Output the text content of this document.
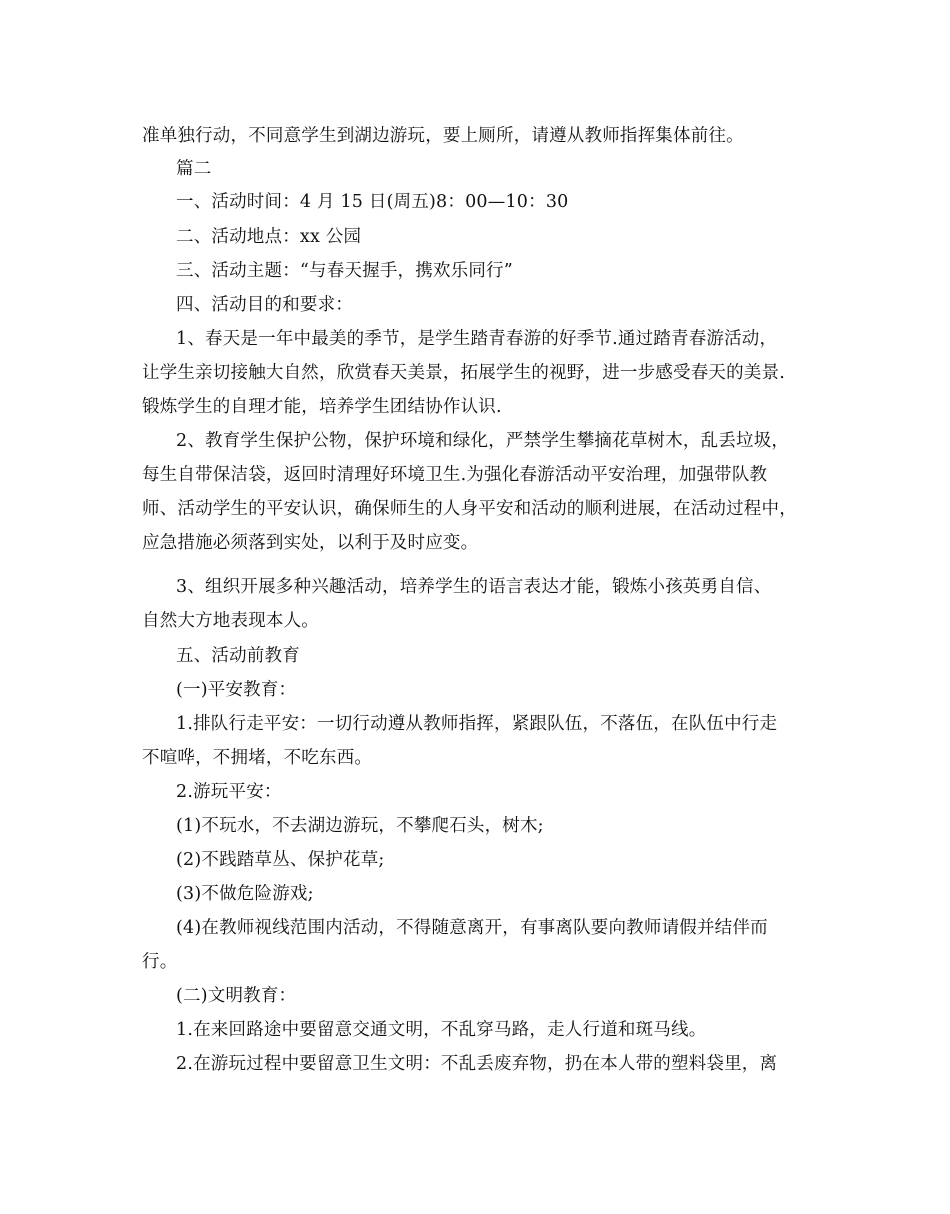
准单独行动，不同意学生到湖边游玩，要上厕所，请遵从教师指挥集体前往。
篇二
一、活动时间：4 月 15 日(周五)8：00—10：30
二、活动地点：xx 公园
三、活动主题：“与春天握手，携欢乐同行”
四、活动目的和要求：
1、春天是一年中最美的季节，是学生踏青春游的好季节.通过踏青春游活动，
让学生亲切接触大自然，欣赏春天美景，拓展学生的视野，进一步感受春天的美景.
锻炼学生的自理才能，培养学生团结协作认识.
2、教育学生保护公物，保护环境和绿化，严禁学生攀摘花草树木，乱丢垃圾，
每生自带保洁袋，返回时清理好环境卫生.为强化春游活动平安治理，加强带队教
师、活动学生的平安认识，确保师生的人身平安和活动的顺利进展，在活动过程中，
应急措施必须落到实处，以利于及时应变。
3、组织开展多种兴趣活动，培养学生的语言表达才能，锻炼小孩英勇自信、
自然大方地表现本人。
五、活动前教育
(一)平安教育：
1.排队行走平安：一切行动遵从教师指挥，紧跟队伍，不落伍，在队伍中行走
不喧哗，不拥堵，不吃东西。
2.游玩平安：
(1)不玩水，不去湖边游玩，不攀爬石头，树木;
(2)不践踏草丛、保护花草;
(3)不做危险游戏;
(4)在教师视线范围内活动，不得随意离开，有事离队要向教师请假并结伴而
行。
(二)文明教育：
1.在来回路途中要留意交通文明，不乱穿马路，走人行道和斑马线。
2.在游玩过程中要留意卫生文明：不乱丢废弃物，扔在本人带的塑料袋里，离
